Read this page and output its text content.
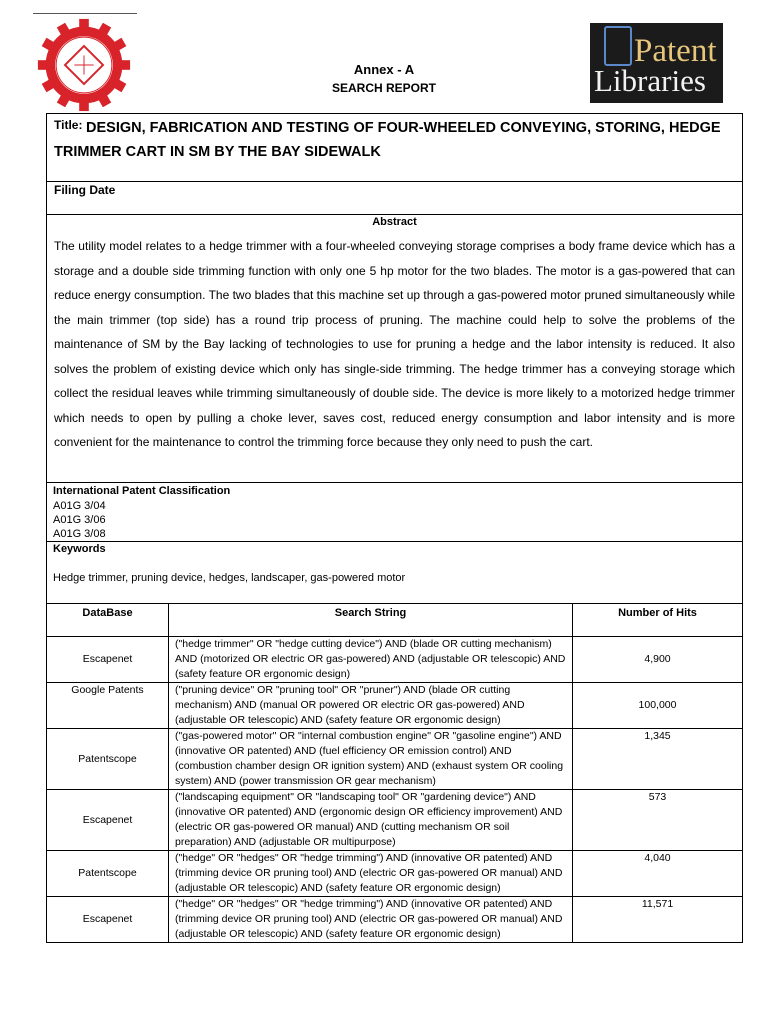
Patent
Libraries
Annex - A
SEARCH REPORT
DESIGN, FABRICATION AND TESTING OF FOUR-WHEELED CONVEYING, STORING, HEDGE TRIMMER CART IN SM BY THE BAY SIDEWALK
Title:
Filing Date
Abstract
The utility model relates to a hedge trimmer with a four-wheeled conveying storage comprises a body frame device which has a storage and a double side trimming function with only one 5 hp motor for the two blades. The motor is a gas-powered that can reduce energy consumption. The two blades that this machine set up through a gas-powered motor pruned simultaneously while the main trimmer (top side) has a round trip process of pruning. The machine could help to solve the problems of the maintenance of SM by the Bay lacking of technologies to use for pruning a hedge and the labor intensity is reduced. It also solves the problem of existing device which only has single-side trimming. The hedge trimmer has a conveying storage which collect the residual leaves while trimming simultaneously of double side. The device is more likely to a motorized hedge trimmer which needs to open by pulling a choke lever, saves cost, reduced energy consumption and labor intensity and is more convenient for the maintenance to control the trimming force because they only need to push the cart.
International Patent Classification
A01G 3/04
A01G 3/06
A01G 3/08
Keywords
Hedge trimmer, pruning device, hedges, landscaper, gas-powered motor
DataBase	Search String	Number of Hits
Escapenet	("hedge trimmer" OR "hedge cutting device") AND (blade OR cutting mechanism) AND (motorized OR electric OR gas-powered) AND (adjustable OR telescopic) AND (safety feature OR ergonomic design)	4,900
Google Patents	("pruning device" OR "pruning tool" OR "pruner") AND (blade OR cutting mechanism) AND (manual OR powered OR electric OR gas-powered) AND (adjustable OR telescopic) AND (safety feature OR ergonomic design)	100,000
Patentscope	("gas-powered motor" OR "internal combustion engine" OR "gasoline engine") AND (innovative OR patented) AND (fuel efficiency OR emission control) AND (combustion chamber design OR ignition system) AND (exhaust system OR cooling system) AND (power transmission OR gear mechanism)	1,345
Escapenet	("landscaping equipment" OR "landscaping tool" OR "gardening device") AND (innovative OR patented) AND (ergonomic design OR efficiency improvement) AND (electric OR gas-powered OR manual) AND (cutting mechanism OR soil preparation) AND (adjustable OR multipurpose)	573
Patentscope	("hedge" OR "hedges" OR "hedge trimming") AND (innovative OR patented) AND (trimming device OR pruning tool) AND (electric OR gas-powered OR manual) AND (adjustable OR telescopic) AND (safety feature OR ergonomic design)	4,040
Escapenet	("hedge" OR "hedges" OR "hedge trimming") AND (innovative OR patented) AND (trimming device OR pruning tool) AND (electric OR gas-powered OR manual) AND (adjustable OR telescopic) AND (safety feature OR ergonomic design)	11,571
